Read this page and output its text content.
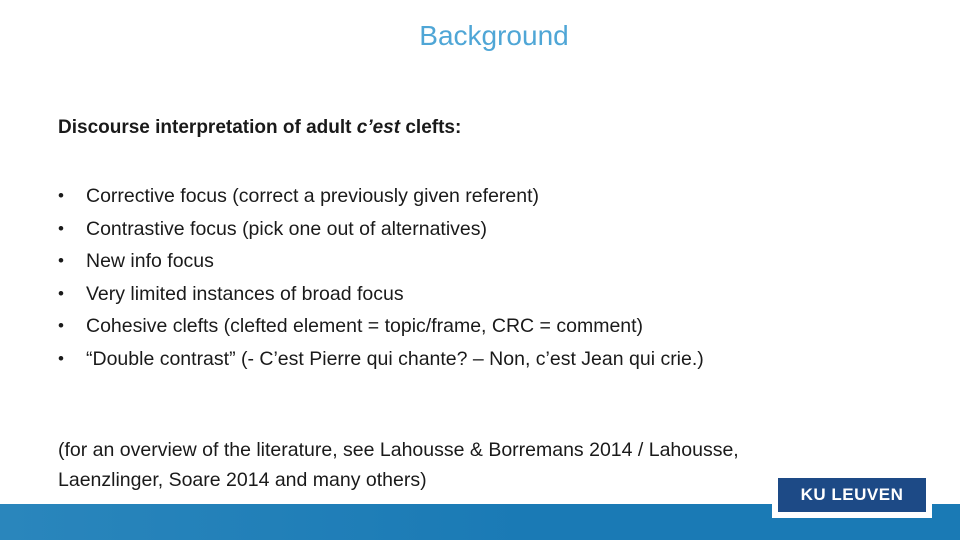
Background
Discourse interpretation of adult c’est clefts:
• Corrective focus (correct a previously given referent)
• Contrastive focus (pick one out of alternatives)
• New info focus
• Very limited instances of broad focus
• Cohesive clefts (clefted element = topic/frame, CRC = comment)
• “Double contrast” (- C’est Pierre qui chante? – Non, c’est Jean qui crie.)
(for an overview of the literature, see Lahousse & Borremans 2014 / Lahousse,
Laenzlinger, Soare 2014 and many others)
KU LEUVEN
